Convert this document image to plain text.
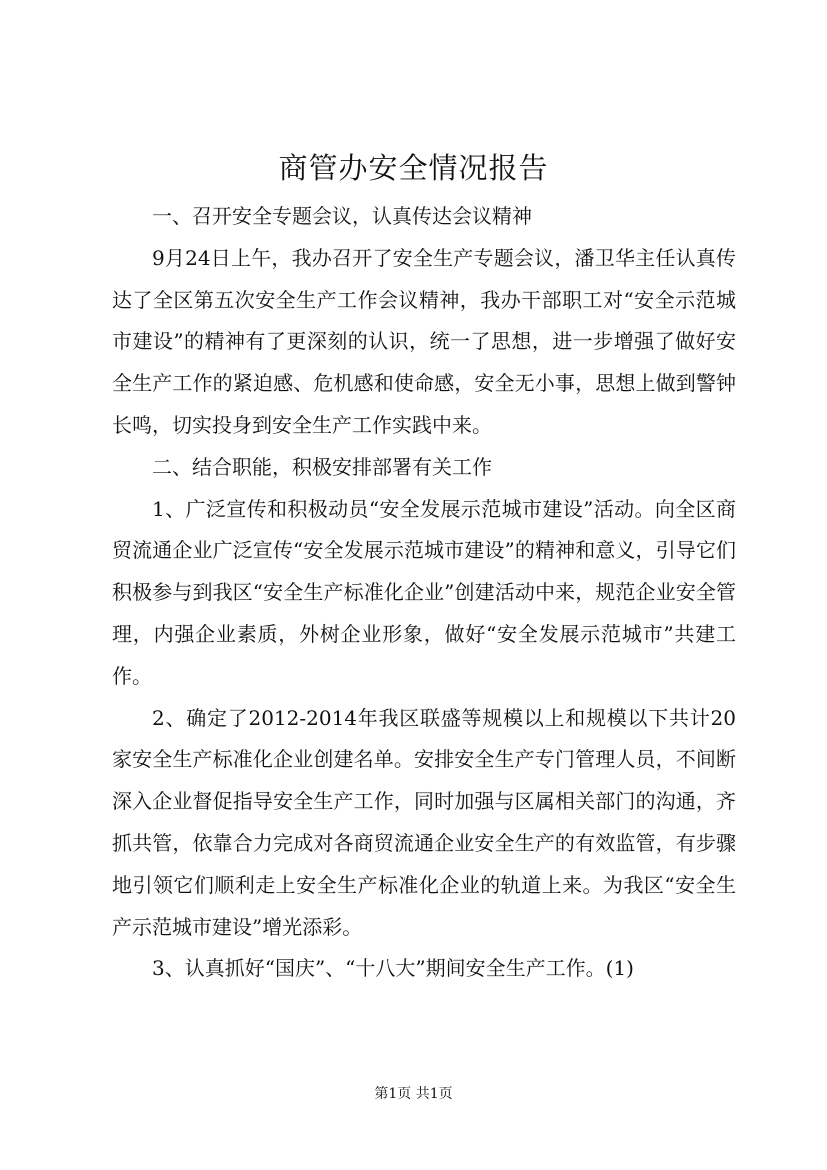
商管办安全情况报告

一、召开安全专题会议，认真传达会议精神

9月24日上午，我办召开了安全生产专题会议，潘卫华主任认真传达了全区第五次安全生产工作会议精神，我办干部职工对“安全示范城市建设”的精神有了更深刻的认识，统一了思想，进一步增强了做好安全生产工作的紧迫感、危机感和使命感，安全无小事，思想上做到警钟长鸣，切实投身到安全生产工作实践中来。

二、结合职能，积极安排部署有关工作

1、广泛宣传和积极动员“安全发展示范城市建设”活动。向全区商贸流通企业广泛宣传“安全发展示范城市建设”的精神和意义，引导它们积极参与到我区“安全生产标准化企业”创建活动中来，规范企业安全管理，内强企业素质，外树企业形象，做好“安全发展示范城市”共建工作。

2、确定了2012-2014年我区联盛等规模以上和规模以下共计20家安全生产标准化企业创建名单。安排安全生产专门管理人员，不间断深入企业督促指导安全生产工作，同时加强与区属相关部门的沟通，齐抓共管，依靠合力完成对各商贸流通企业安全生产的有效监管，有步骤地引领它们顺利走上安全生产标准化企业的轨道上来。为我区“安全生产示范城市建设”增光添彩。

3、认真抓好“国庆”、“十八大”期间安全生产工作。(1)

第1页 共1页
